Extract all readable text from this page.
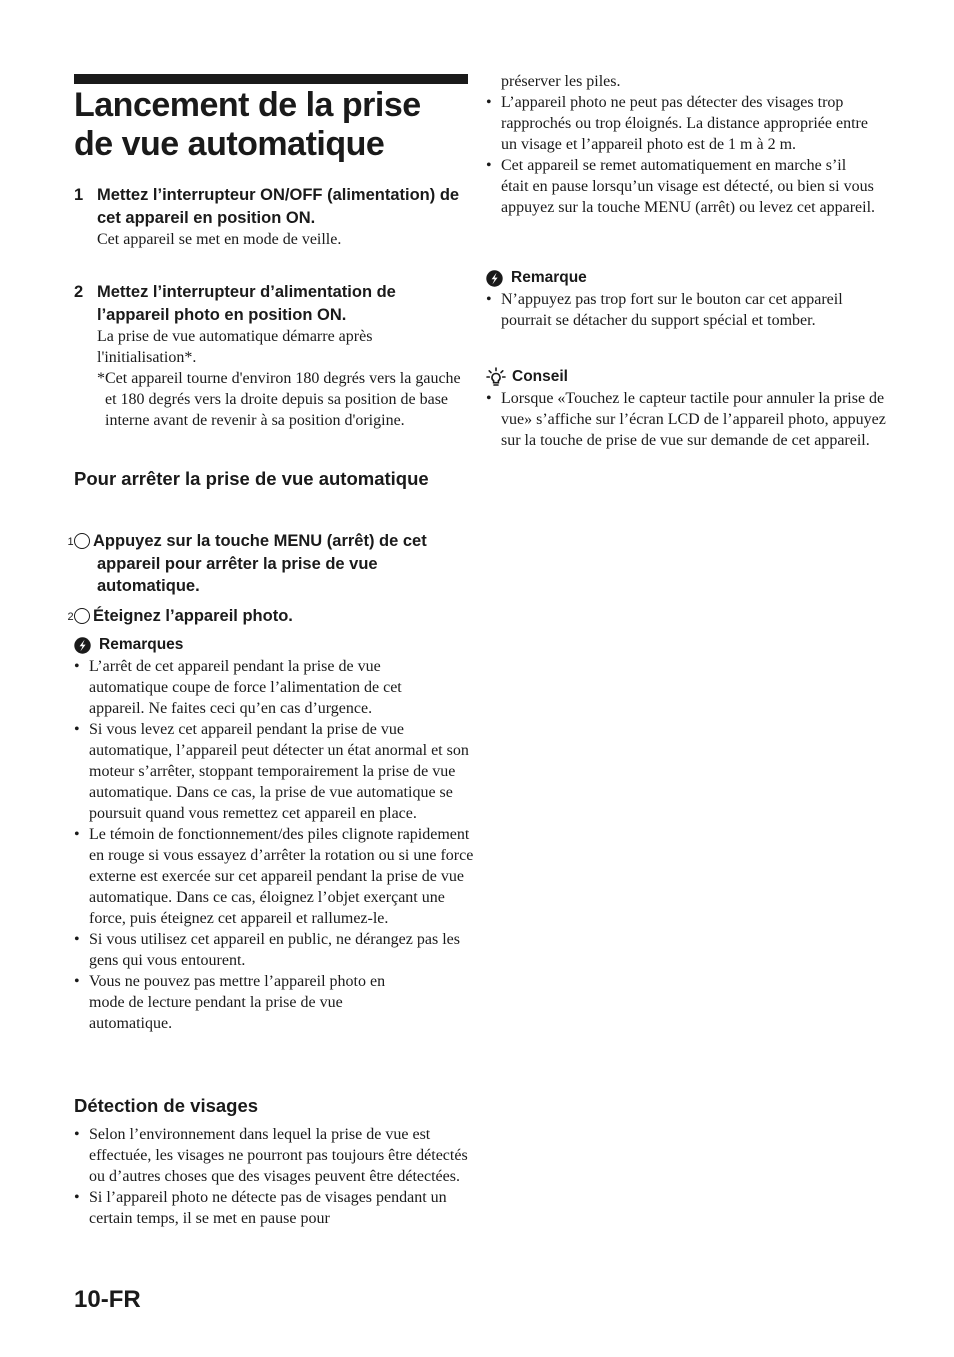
Lancement de la prise
de vue automatique
1 Mettez l’interrupteur ON/OFF (alimentation) de cet appareil en position ON.
Cet appareil se met en mode de veille.
2 Mettez l’interrupteur d’alimentation de l’appareil photo en position ON.
La prise de vue automatique démarre après l'initialisation*.
*Cet appareil tourne d'environ 180 degrés vers la gauche et 180 degrés vers la droite depuis sa position de base interne avant de revenir à sa position d'origine.
Pour arrêter la prise de vue automatique
1 Appuyez sur la touche MENU (arrêt) de cet appareil pour arrêter la prise de vue automatique.
2 Éteignez l’appareil photo.
Remarques
• L’arrêt de cet appareil pendant la prise de vue automatique coupe de force l’alimentation de cet appareil. Ne faites ceci qu’en cas d’urgence.
• Si vous levez cet appareil pendant la prise de vue automatique, l’appareil peut détecter un état anormal et son moteur s’arrêter, stoppant temporairement la prise de vue automatique. Dans ce cas, la prise de vue automatique se poursuit quand vous remettez cet appareil en place.
• Le témoin de fonctionnement/des piles clignote rapidement en rouge si vous essayez d’arrêter la rotation ou si une force externe est exercée sur cet appareil pendant la prise de vue automatique. Dans ce cas, éloignez l’objet exerçant une force, puis éteignez cet appareil et rallumez-le.
• Si vous utilisez cet appareil en public, ne dérangez pas les gens qui vous entourent.
• Vous ne pouvez pas mettre l’appareil photo en mode de lecture pendant la prise de vue automatique.
Détection de visages
• Selon l’environnement dans lequel la prise de vue est effectuée, les visages ne pourront pas toujours être détectés ou d’autres choses que des visages peuvent être détectées.
• Si l’appareil photo ne détecte pas de visages pendant un certain temps, il se met en pause pour
10-FR
préserver les piles.
• L’appareil photo ne peut pas détecter des visages trop rapprochés ou trop éloignés. La distance appropriée entre un visage et l’appareil photo est de 1 m à 2 m.
• Cet appareil se remet automatiquement en marche s’il était en pause lorsqu’un visage est détecté, ou bien si vous appuyez sur la touche MENU (arrêt) ou levez cet appareil.
Remarque
• N’appuyez pas trop fort sur le bouton car cet appareil pourrait se détacher du support spécial et tomber.
Conseil
• Lorsque «Touchez le capteur tactile pour annuler la prise de vue» s’affiche sur l’écran LCD de l’appareil photo, appuyez sur la touche de prise de vue sur demande de cet appareil.
